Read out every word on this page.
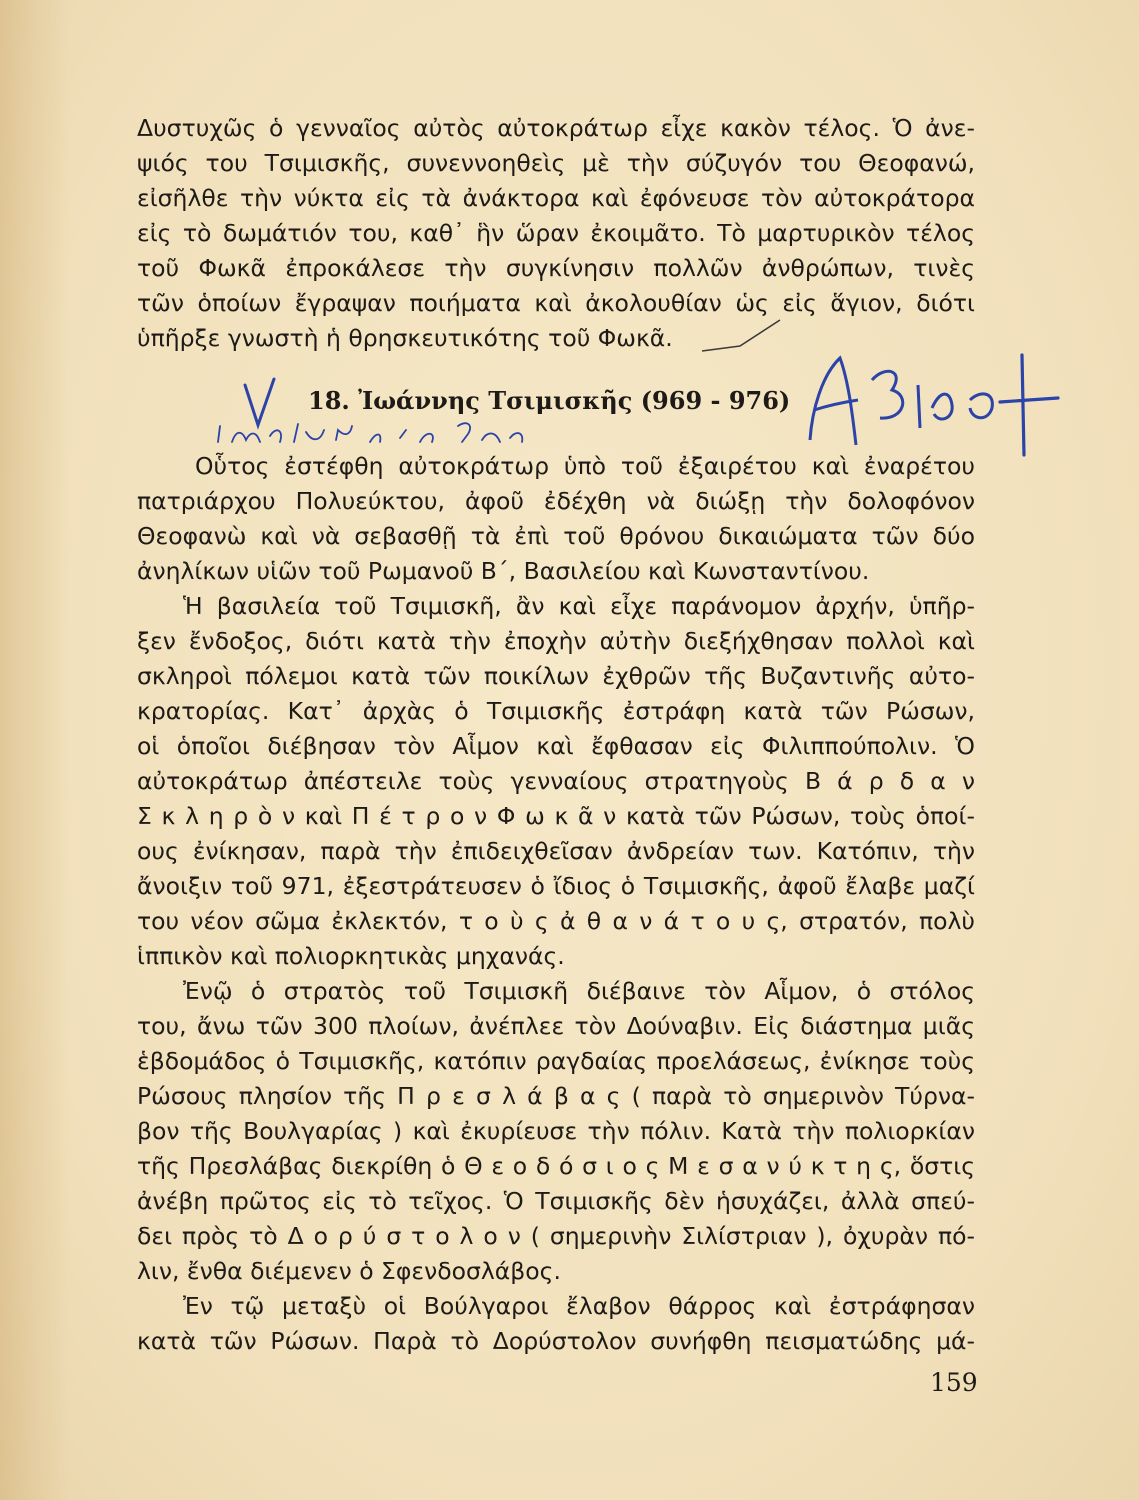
Δυστυχῶς ὁ γενναῖος αὐτὸς αὐτοκράτωρ εἶχε κακὸν τέλος. Ὁ ἀνε-
ψιός του Τσιμισκῆς, συνεννοηθεὶς μὲ τὴν σύζυγόν του Θεοφανώ,
εἰσῆλθε τὴν νύκτα εἰς τὰ ἀνάκτορα καὶ ἐφόνευσε τὸν αὐτοκράτορα
εἰς τὸ δωμάτιόν του, καθ᾽ ἣν ὥραν ἐκοιμᾶτο. Τὸ μαρτυρικὸν τέλος
τοῦ Φωκᾶ ἐπροκάλεσε τὴν συγκίνησιν πολλῶν ἀνθρώπων, τινὲς
τῶν ὁποίων ἔγραψαν ποιήματα καὶ ἀκολουθίαν ὡς εἰς ἅγιον, διότι
ὑπῆρξε γνωστὴ ἡ θρησκευτικότης τοῦ Φωκᾶ.
18. Ἰωάννης Τσιμισκῆς (969 - 976)
Οὗτος ἐστέφθη αὐτοκράτωρ ὑπὸ τοῦ ἐξαιρέτου καὶ ἐναρέτου
πατριάρχου Πολυεύκτου, ἀφοῦ ἐδέχθη νὰ διώξῃ τὴν δολοφόνον
Θεοφανὼ καὶ νὰ σεβασθῇ τὰ ἐπὶ τοῦ θρόνου δικαιώματα τῶν δύο
ἀνηλίκων υἱῶν τοῦ Ρωμανοῦ Β΄, Βασιλείου καὶ Κωνσταντίνου.
Ἡ βασιλεία τοῦ Τσιμισκῆ, ἂν καὶ εἶχε παράνομον ἀρχήν, ὑπῆρ-
ξεν ἔνδοξος, διότι κατὰ τὴν ἐποχὴν αὐτὴν διεξήχθησαν πολλοὶ καὶ
σκληροὶ πόλεμοι κατὰ τῶν ποικίλων ἐχθρῶν τῆς Βυζαντινῆς αὐτο-
κρατορίας. Κατ᾽ ἀρχὰς ὁ Τσιμισκῆς ἐστράφη κατὰ τῶν Ρώσων,
οἱ ὁποῖοι διέβησαν τὸν Αἷμον καὶ ἔφθασαν εἰς Φιλιππούπολιν. Ὁ
αὐτοκράτωρ ἀπέστειλε τοὺς γενναίους στρατηγοὺς Β ά ρ δ α ν
Σ κ λ η ρ ὸ ν καὶ Π έ τ ρ ο ν Φ ω κ ᾶ ν κατὰ τῶν Ρώσων, τοὺς ὁποί-
ους ἐνίκησαν, παρὰ τὴν ἐπιδειχθεῖσαν ἀνδρείαν των. Κατόπιν, τὴν
ἄνοιξιν τοῦ 971, ἐξεστράτευσεν ὁ ἴδιος ὁ Τσιμισκῆς, ἀφοῦ ἔλαβε μαζί
του νέον σῶμα ἐκλεκτόν, τ ο ὺ ς ἀ θ α ν ά τ ο υ ς, στρατόν, πολὺ
ἱππικὸν καὶ πολιορκητικὰς μηχανάς.
Ἐνῷ ὁ στρατὸς τοῦ Τσιμισκῆ διέβαινε τὸν Αἷμον, ὁ στόλος
του, ἄνω τῶν 300 πλοίων, ἀνέπλεε τὸν Δούναβιν. Εἰς διάστημα μιᾶς
ἑβδομάδος ὁ Τσιμισκῆς, κατόπιν ραγδαίας προελάσεως, ἐνίκησε τοὺς
Ρώσους πλησίον τῆς Π ρ ε σ λ ά β α ς ( παρὰ τὸ σημερινὸν Τύρνα-
βον τῆς Βουλγαρίας ) καὶ ἐκυρίευσε τὴν πόλιν. Κατὰ τὴν πολιορκίαν
τῆς Πρεσλάβας διεκρίθη ὁ Θ ε ο δ ό σ ι ο ς Μ ε σ α ν ύ κ τ η ς, ὅστις
ἀνέβη πρῶτος εἰς τὸ τεῖχος. Ὁ Τσιμισκῆς δὲν ἡσυχάζει, ἀλλὰ σπεύ-
δει πρὸς τὸ Δ ο ρ ύ σ τ ο λ ο ν ( σημερινὴν Σιλίστριαν ), ὀχυρὰν πό-
λιν, ἔνθα διέμενεν ὁ Σφενδοσλάβος.
Ἐν τῷ μεταξὺ οἱ Βούλγαροι ἔλαβον θάρρος καὶ ἐστράφησαν
κατὰ τῶν Ρώσων. Παρὰ τὸ Δορύστολον συνήφθη πεισματώδης μά-
159
